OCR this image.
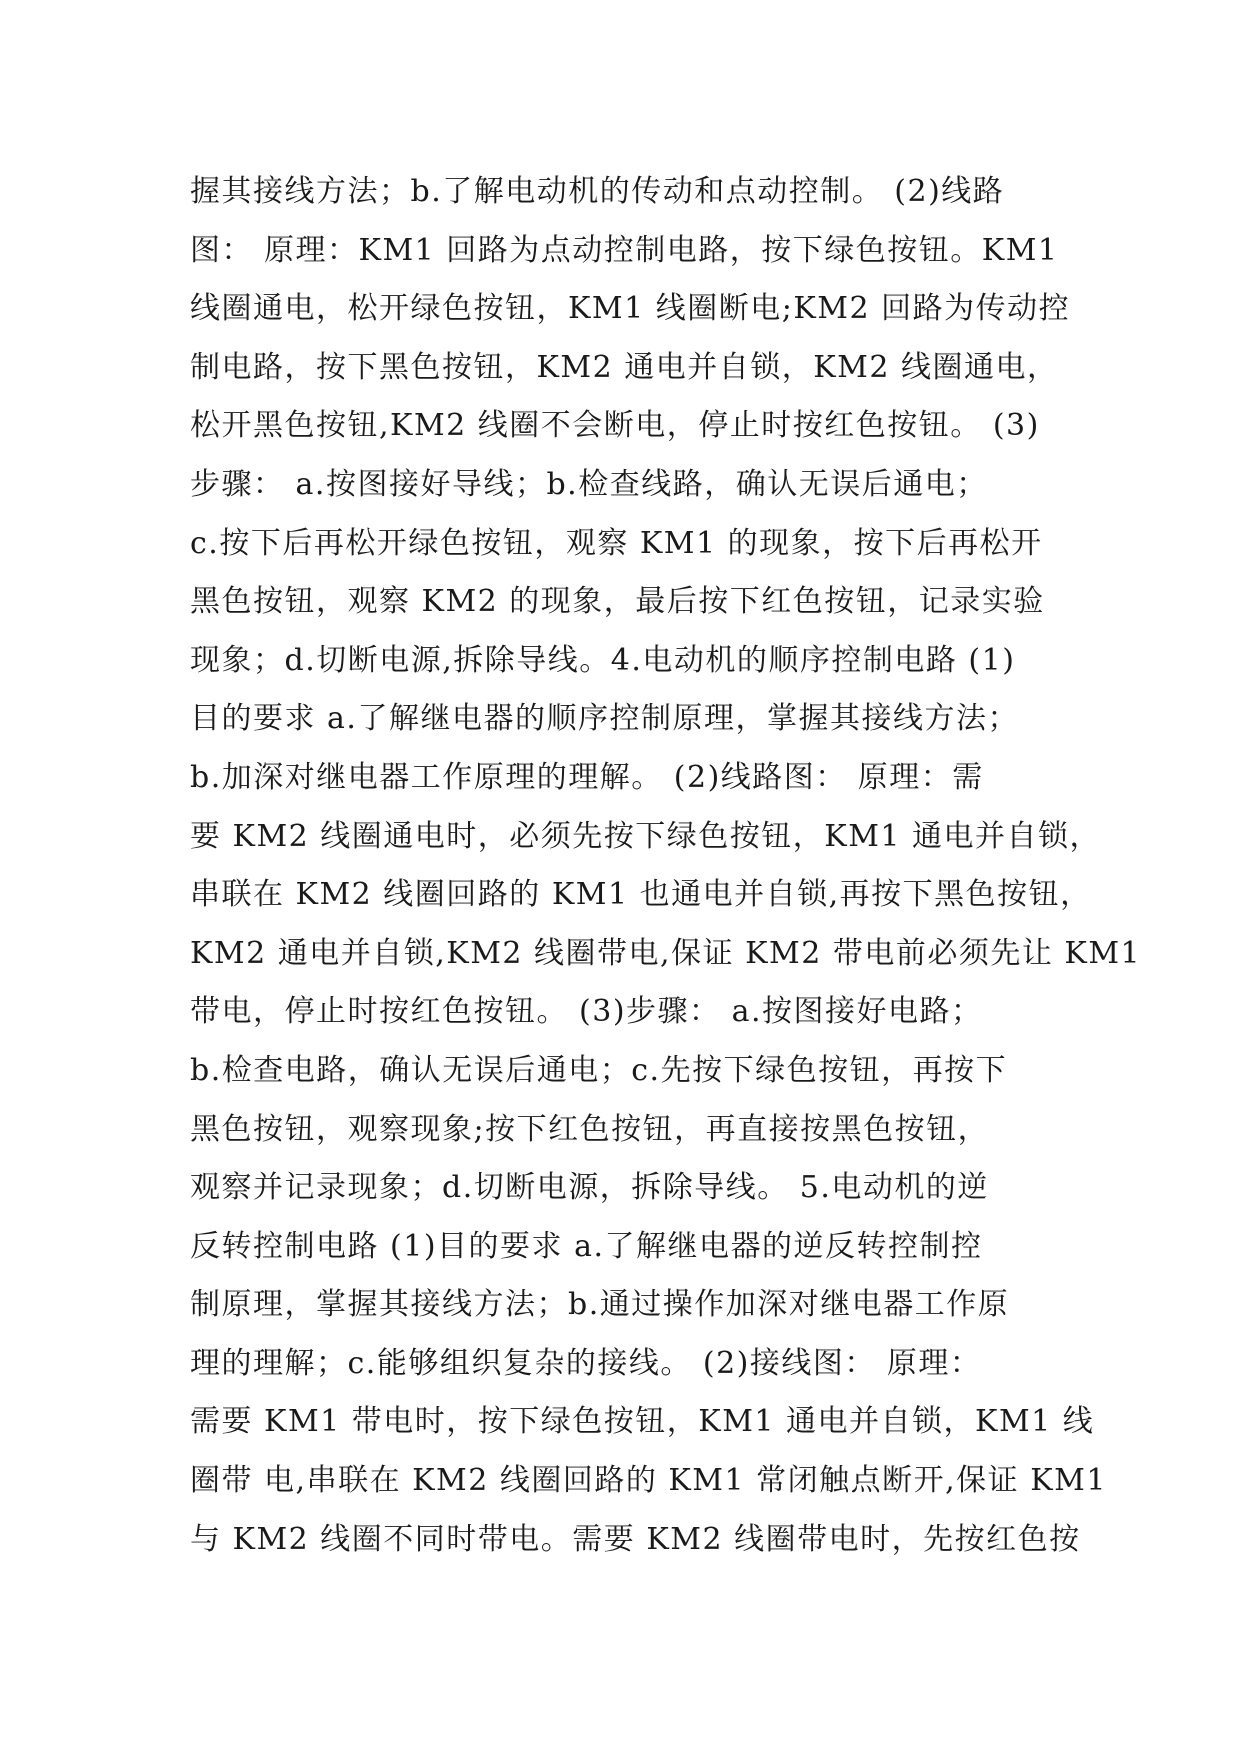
握其接线方法；b.了解电动机的传动和点动控制。 (2)线路
图： 原理：KM1 回路为点动控制电路，按下绿色按钮。KM1
线圈通电，松开绿色按钮，KM1 线圈断电;KM2 回路为传动控
制电路，按下黑色按钮，KM2 通电并自锁，KM2 线圈通电，
松开黑色按钮,KM2 线圈不会断电，停止时按红色按钮。 (3)
步骤： a.按图接好导线；b.检查线路，确认无误后通电；
c.按下后再松开绿色按钮，观察 KM1 的现象，按下后再松开
黑色按钮，观察 KM2 的现象，最后按下红色按钮，记录实验
现象；d.切断电源,拆除导线。4.电动机的顺序控制电路 (1)
目的要求 a.了解继电器的顺序控制原理，掌握其接线方法；
b.加深对继电器工作原理的理解。 (2)线路图： 原理：需
要 KM2 线圈通电时，必须先按下绿色按钮，KM1 通电并自锁，
串联在 KM2 线圈回路的 KM1 也通电并自锁,再按下黑色按钮，
KM2 通电并自锁,KM2 线圈带电,保证 KM2 带电前必须先让 KM1
带电，停止时按红色按钮。 (3)步骤： a.按图接好电路；
b.检查电路，确认无误后通电；c.先按下绿色按钮，再按下
黑色按钮，观察现象;按下红色按钮，再直接按黑色按钮，
观察并记录现象；d.切断电源，拆除导线。 5.电动机的逆
反转控制电路 (1)目的要求 a.了解继电器的逆反转控制控
制原理，掌握其接线方法；b.通过操作加深对继电器工作原
理的理解；c.能够组织复杂的接线。 (2)接线图： 原理：
需要 KM1 带电时，按下绿色按钮，KM1 通电并自锁，KM1 线
圈带 电,串联在 KM2 线圈回路的 KM1 常闭触点断开,保证 KM1
与 KM2 线圈不同时带电。需要 KM2 线圈带电时，先按红色按
